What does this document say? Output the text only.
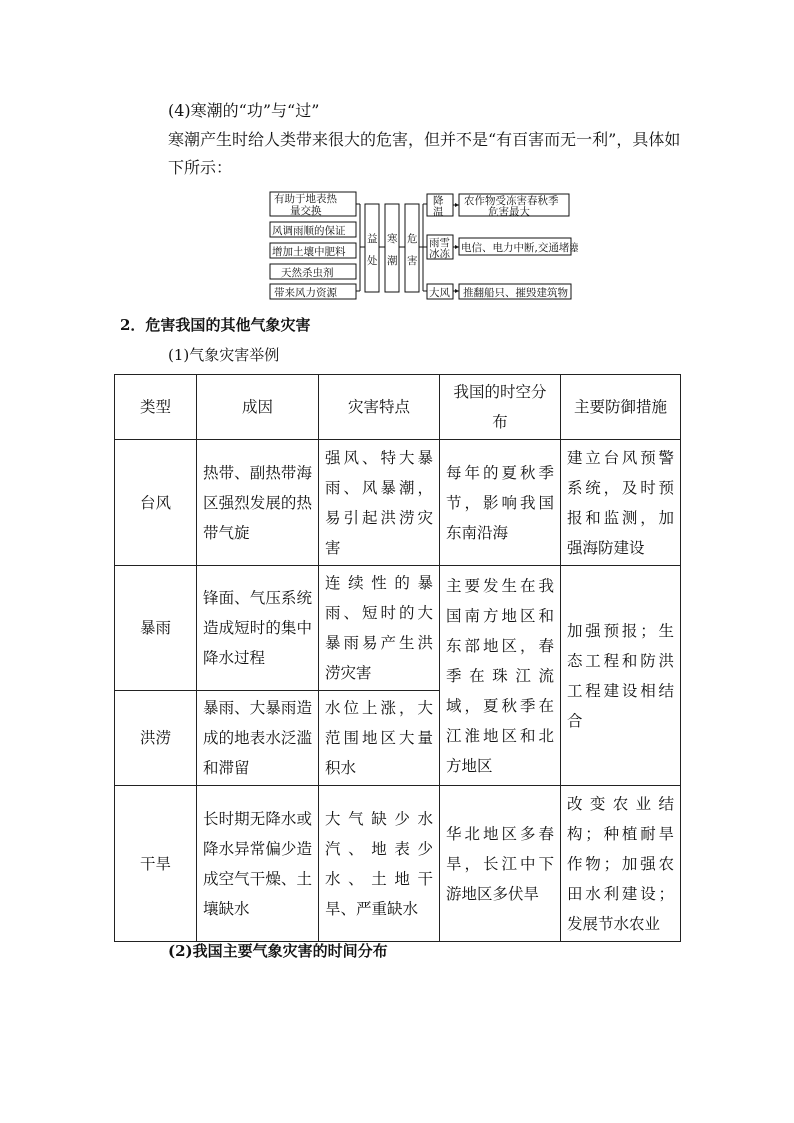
(4)寒潮的“功”与“过”
寒潮产生时给人类带来很大的危害，但并不是“有百害而无一利”，具体如下所示：
有助于地表热
量交换
风调雨顺的保证
增加土壤中肥料
天然杀虫剂
带来风力资源
益
处
寒
潮
危
害
降
温
雨雪
冰冻
大风
农作物受冻害春秋季
危害最大
电信、电力中断,交通堵塞
推翻船只、摧毁建筑物
2．危害我国的其他气象灾害
(1)气象灾害举例
类型	成因	灾害特点	我国的时空分布	主要防御措施
台风	热带、副热带海区强烈发展的热带气旋	强风、特大暴雨、风暴潮，易引起洪涝灾害	每年的夏秋季节，影响我国东南沿海	建立台风预警系统，及时预报和监测，加强海防建设
暴雨	锋面、气压系统造成短时的集中降水过程	连续性的暴雨、短时的大暴雨易产生洪涝灾害	主要发生在我国南方地区和东部地区，春季在珠江流域，夏秋季在江淮地区和北方地区	加强预报；生态工程和防洪工程建设相结合
洪涝	暴雨、大暴雨造成的地表水泛滥和滞留	水位上涨，大范围地区大量积水		
干旱	长时期无降水或降水异常偏少造成空气干燥、土壤缺水	大气缺少水汽、地表少水、土地干旱、严重缺水	华北地区多春旱，长江中下游地区多伏旱	改变农业结构；种植耐旱作物；加强农田水利建设；发展节水农业
(2)我国主要气象灾害的时间分布
